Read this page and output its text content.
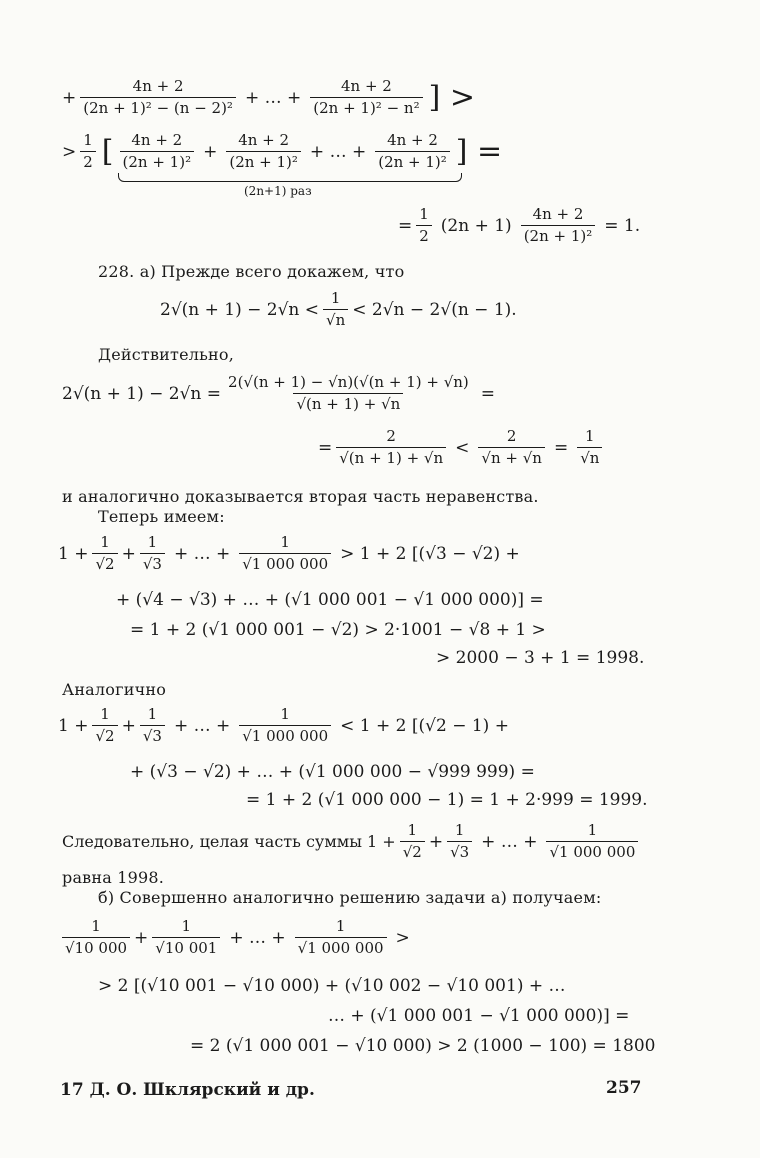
+ $\frac{4n + 2}{\text{(2n + 1)² − (n − 2)²}}$ + … + $\frac{4n + 2}{\text{(2n + 1)² − n²}}$ ] >
> $\frac{1}{2}$ [ $\frac{4n + 2}{\text{(2n + 1)²}} + \frac{4n + 2}{\text{(2n + 1)²}}$ + … + $\frac{4n + 2}{\text{(2n + 1)²}}$ ] =
(2n+1) раз
= $\frac{1}{2} (2n + 1) \frac{4n + 2}{\text{(2n + 1)²}} = 1$.
228. а) Прежде всего докажем, что
$2√(n + 1) - 2√n < \frac{1}{√n} < 2√n - 2√(n - 1)$.
Действительно,
$2√(n + 1) - 2√n = \frac{2(√(n + 1) - √n)(√(n + 1) + √n)}{√(n + 1) + √n}$ =
= $\frac{2}{√(n + 1) + √n} < \frac{2}{√n + √n} = \frac{1}{√n}$
и аналогично доказывается вторая часть неравенства.
Теперь имеем:
$1 + \frac{1}{√2} + \frac{1}{√3}$ + … + $\frac{1}{√1 000 000} > 1 + 2$ [(√3 − √2) +
+ (√4 − √3) + … + (√1 000 001 − √1 000 000)] =
= 1 + 2 (√1 000 001 − √2) > 2·1001 − √8 + 1 >
> 2000 − 3 + 1 = 1998.
Аналогично
$1 + \frac{1}{√2} + \frac{1}{√3}$ + … + $\frac{1}{√1 000 000} < 1 + 2$ [(√2 − 1) +
+ (√3 − √2) + … + (√1 000 000 − √999 999) =
= 1 + 2 (√1 000 000 − 1) = 1 + 2·999 = 1999.
Следовательно, целая часть суммы $1 + \frac{1}{√2} + \frac{1}{√3}$ + … + $\frac{1}{√1 000 000}$
равна 1998.
б) Совершенно аналогично решению задачи а) получаем:
$\frac{1}{√10 000} + \frac{1}{√10 001}$ + … + $\frac{1}{√1 000 000}$ >
> 2 [(√10 001 − √10 000) + (√10 002 − √10 001) + …
… + (√1 000 001 − √1 000 000)] =
= 2 (√1 000 001 − √10 000) > 2 (1000 − 100) = 1800
17 Д. О. Шклярский и др.	257
